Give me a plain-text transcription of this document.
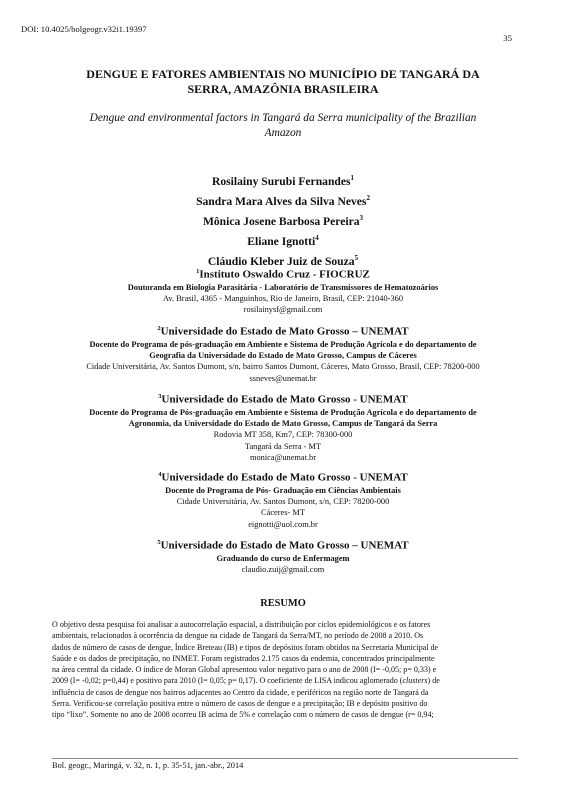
DOI: 10.4025/bolgeogr.v32i1.19397
35
DENGUE E FATORES AMBIENTAIS NO MUNICÍPIO DE TANGARÁ DA
SERRA, AMAZÔNIA BRASILEIRA
Dengue and environmental factors in Tangará da Serra municipality of the Brazilian
Amazon
Rosilainy Surubi Fernandes$^1$
Sandra Mara Alves da Silva Neves$^2$
Mônica Josene Barbosa Pereira$^3$
Eliane Ignotti$^4$
Cláudio Kleber Juiz de Souza$^5$
$^1$Instituto Oswaldo Cruz - FIOCRUZ
Doutoranda em Biologia Parasitária - Laboratório de Transmissores de Hematozoários
Av. Brasil, 4365 - Manguinhos, Rio de Janeiro, Brasil, CEP: 21040-360
rosilainysf@gmail.com
$^2$Universidade do Estado de Mato Grosso – UNEMAT
Docente do Programa de pós-graduação em Ambiente e Sistema de Produção Agrícola e do departamento de
Geografia da Universidade do Estado de Mato Grosso, Campus de Cáceres
Cidade Universitária, Av. Santos Dumont, s/n, bairro Santos Dumont, Cáceres, Mato Grosso, Brasil, CEP: 78200-000
ssneves@unemat.br
$^3$Universidade do Estado de Mato Grosso - UNEMAT
Docente do Programa de Pós-graduação em Ambiente e Sistema de Produção Agrícola e do departamento de
Agronomia, da Universidade do Estado de Mato Grosso, Campus de Tangará da Serra
Rodovia MT 358, Km7, CEP: 78300-000
Tangará da Serra - MT
monica@unemat.br
$^4$Universidade do Estado de Mato Grosso - UNEMAT
Docente do Programa de Pós- Graduação em Ciências Ambientais
Cidade Universitária, Av. Santos Dumont, s/n, CEP: 78200-000
Cáceres- MT
eignotti@uol.com.br
$^5$Universidade do Estado de Mato Grosso – UNEMAT
Graduando do curso de Enfermagem
claudio.zuij@gmail.com
RESUMO
O objetivo desta pesquisa foi analisar a autocorrelação espacial, a distribuição por ciclos epidemiológicos e os fatores
ambientais, relacionados à ocorrência da dengue na cidade de Tangará da Serra/MT, no período de 2008 a 2010. Os
dados de número de casos de dengue, Índice Breteau (IB) e tipos de depósitos foram obtidos na Secretaria Municipal de
Saúde e os dados de precipitação, no INMET. Foram registrados 2.175 casos da endemia, concentrados principalmente
na área central da cidade. O índice de Moran Global apresentou valor negativo para o ano de 2008 (I= -0,05; p= 0,33) e
2009 (I= -0,02; p=0,44) e positivo para 2010 (I= 0,05; p= 0,17). O coeficiente de LISA indicou aglomerado (clusters) de
influência de casos de dengue nos bairros adjacentes ao Centro da cidade, e periféricos na região norte de Tangará da
Serra. Verificou-se correlação positiva entre o número de casos de dengue e a precipitação; IB e depósito positivo do
tipo “lixo”. Somente no ano de 2008 ocorreu IB acima de 5% e correlação com o número de casos de dengue (r= 0,94;
Bol. geogr., Maringá, v. 32, n. 1, p. 35-51, jan.-abr., 2014
